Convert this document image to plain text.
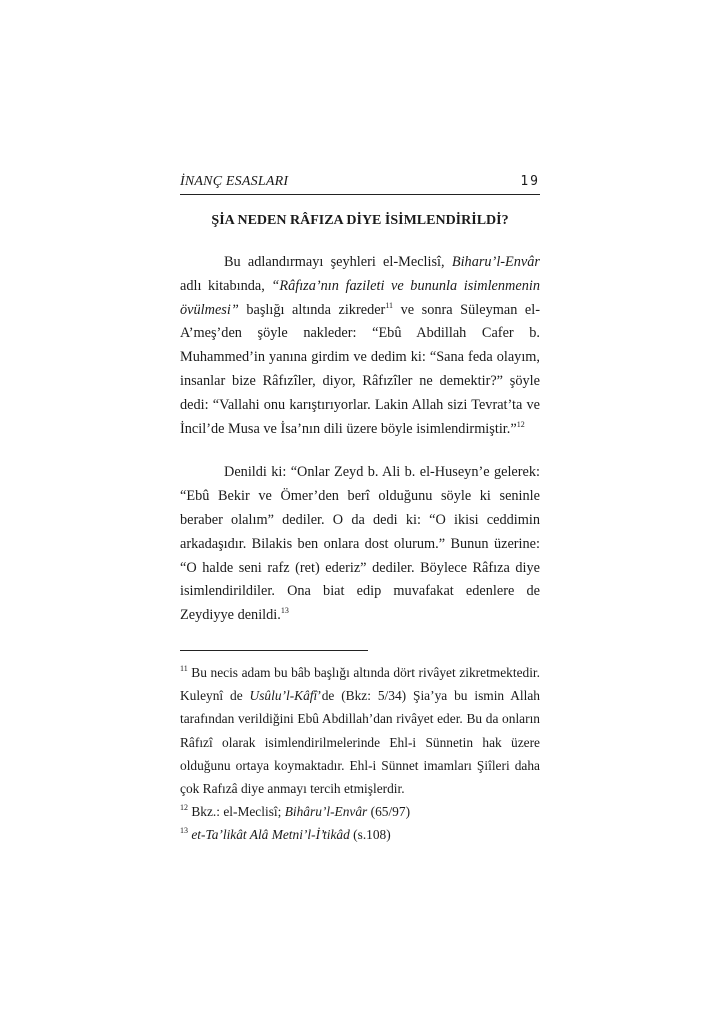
İNANÇ ESASLARI	19
ŞİA NEDEN RÂFIZA DİYE İSİMLENDİRİLDİ?

Bu adlandırmayı şeyhleri el-Meclisî, Biharu’l-Envâr adlı kitabında, “Râfıza’nın fazileti ve bununla isimlenmenin övülmesi” başlığı altında zikreder$^{11}$ ve sonra Süleyman el-A’meş’den şöyle nakleder: “Ebû Abdillah Cafer b. Muhammed’in yanına girdim ve dedim ki: “Sana feda olayım, insanlar bize Râfızîler, diyor, Râfızîler ne demektir?” şöyle dedi: “Vallahi onu karıştırıyorlar. Lakin Allah sizi Tevrat’ta ve İncil’de Musa ve İsa’nın dili üzere böyle isimlendirmiştir.”$^{12}$

Denildi ki: “Onlar Zeyd b. Ali b. el-Huseyn’e gelerek: “Ebû Bekir ve Ömer’den berî olduğunu söyle ki seninle beraber olalım” dediler. O da dedi ki: “O ikisi ceddimin arkadaşıdır. Bilakis ben onlara dost olurum.” Bunun üzerine: “O halde seni rafz (ret) ederiz” dediler. Böylece Râfıza diye isimlendirildiler. Ona biat edip muvafakat edenlere de Zeydiyye denildi.$^{13}$

$^{11}$ Bu necis adam bu bâb başlığı altında dört rivâyet zikretmektedir. Kuleynî de Usûlu’l-Kâfî’de (Bkz: 5/34) Şia’ya bu ismin Allah tarafından verildiğini Ebû Abdillah’dan rivâyet eder. Bu da onların Râfızî olarak isimlendirilmelerinde Ehl-i Sünnetin hak üzere olduğunu ortaya koymaktadır. Ehl-i Sünnet imamları Şiîleri daha çok Rafızâ diye anmayı tercih etmişlerdir.

$^{12}$ Bkz.: el-Meclisî; Bihâru’l-Envâr (65/97)

$^{13}$ et-Ta’likât Alâ Metni’l-İ’tikâd (s.108)
